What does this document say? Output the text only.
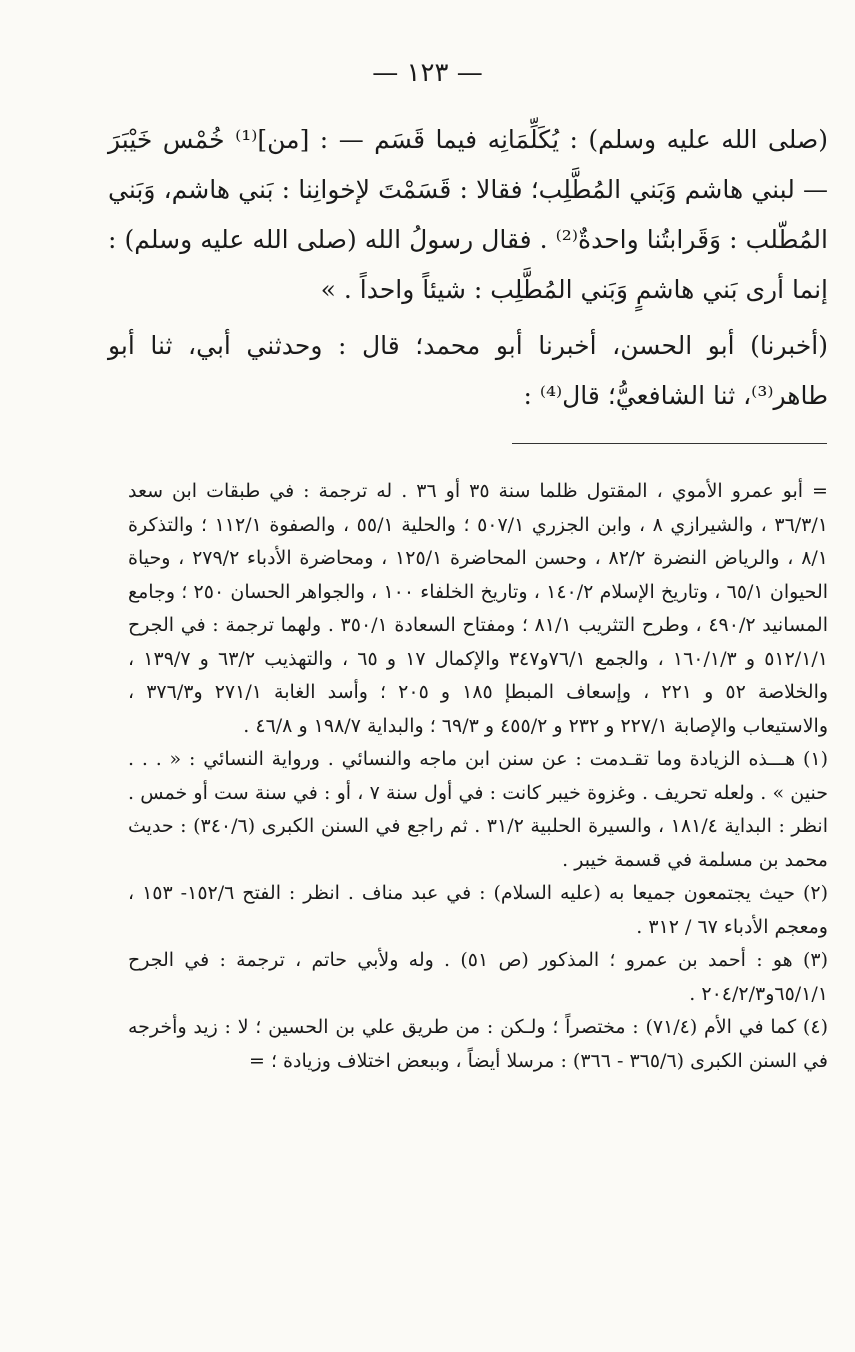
— ١٢٣ —

(صلى الله عليه وسلم) : يُكَلِّمَانِه فيما قَسَم — : [من]⁽¹⁾ خُمْس خَيْبَرَ — لبني هاشم وَبَني المُطَّلِب؛ فقالا : قَسَمْتَ لإخوانِنا : بَني هاشم، وَبَني المُطّلب : وَقَرابتُنا واحدةٌ⁽²⁾ . فقال رسولُ الله (صلى الله عليه وسلم) : إنما أرى بَني هاشمٍ وَبَني المُطَّلِب : شيئاً واحداً . »

(أخبرنا) أبو الحسن، أخبرنا أبو محمد؛ قال : وحدثني أبي، ثنا أبو طاهر⁽³⁾، ثنا الشافعيُّ؛ قال⁽⁴⁾ :

= أبو عمرو الأموي ، المقتول ظلما سنة ٣٥ أو ٣٦ . له ترجمة : في طبقات ابن سعد ٣٦/٣/١ ، والشيرازي ٨ ، وابن الجزري ٥٠٧/١ ؛ والحلية ٥٥/١ ، والصفوة ١١٢/١ ؛ والتذكرة ٨/١ ، والرياض النضرة ٨٢/٢ ، وحسن المحاضرة ١٢٥/١ ، ومحاضرة الأدباء ٢٧٩/٢ ، وحياة الحيوان ٦٥/١ ، وتاريخ الإسلام ١٤٠/٢ ، وتاريخ الخلفاء ١٠٠ ، والجواهر الحسان ٢٥٠ ؛ وجامع المسانيد ٤٩٠/٢ ، وطرح التثريب ٨١/١ ؛ ومفتاح السعادة ٣٥٠/١ . ولهما ترجمة : في الجرح ٥١٢/١/١ و ١٦٠/١/٣ ، والجمع ٧٦/١و٣٤٧ والإكمال ١٧ و ٦٥ ، والتهذيب ٦٣/٢ و ١٣٩/٧ ، والخلاصة ٥٢ و ٢٢١ ، وإسعاف المبطإ ١٨٥ و ٢٠٥ ؛ وأسد الغابة ٢٧١/١ و٣٧٦/٣ ، والاستيعاب والإصابة ٢٢٧/١ و ٢٣٢ و ٤٥٥/٢ و ٦٩/٣ ؛ والبداية ١٩٨/٧ و ٤٦/٨ .

(١) هـــذه الزيادة وما تقـدمت : عن سنن ابن ماجه والنسائي . ورواية النسائي : « . . . حنين » . ولعله تحريف . وغزوة خيبر كانت : في أول سنة ٧ ، أو : في سنة ست أو خمس . انظر : البداية ١٨١/٤ ، والسيرة الحلبية ٣١/٢ . ثم راجع في السنن الكبرى (٣٤٠/٦) : حديث محمد بن مسلمة في قسمة خيبر .

(٢) حيث يجتمعون جميعا به (عليه السلام) : في عبد مناف . انظر : الفتح ١٥٢/٦- ١٥٣ ، ومعجم الأدباء ٦٧ / ٣١٢ .

(٣) هو : أحمد بن عمرو ؛ المذكور (ص ٥١) . وله ولأبي حاتم ، ترجمة : في الجرح ٦٥/١/١و٢٠٤/٢/٣ .

(٤) كما في الأم (٧١/٤) : مختصراً ؛ ولـكن : من طريق علي بن الحسين ؛ لا : زيد وأخرجه في السنن الكبرى (٣٦٥/٦ - ٣٦٦) : مرسلا أيضاً ، وببعض اختلاف وزيادة ؛ =
